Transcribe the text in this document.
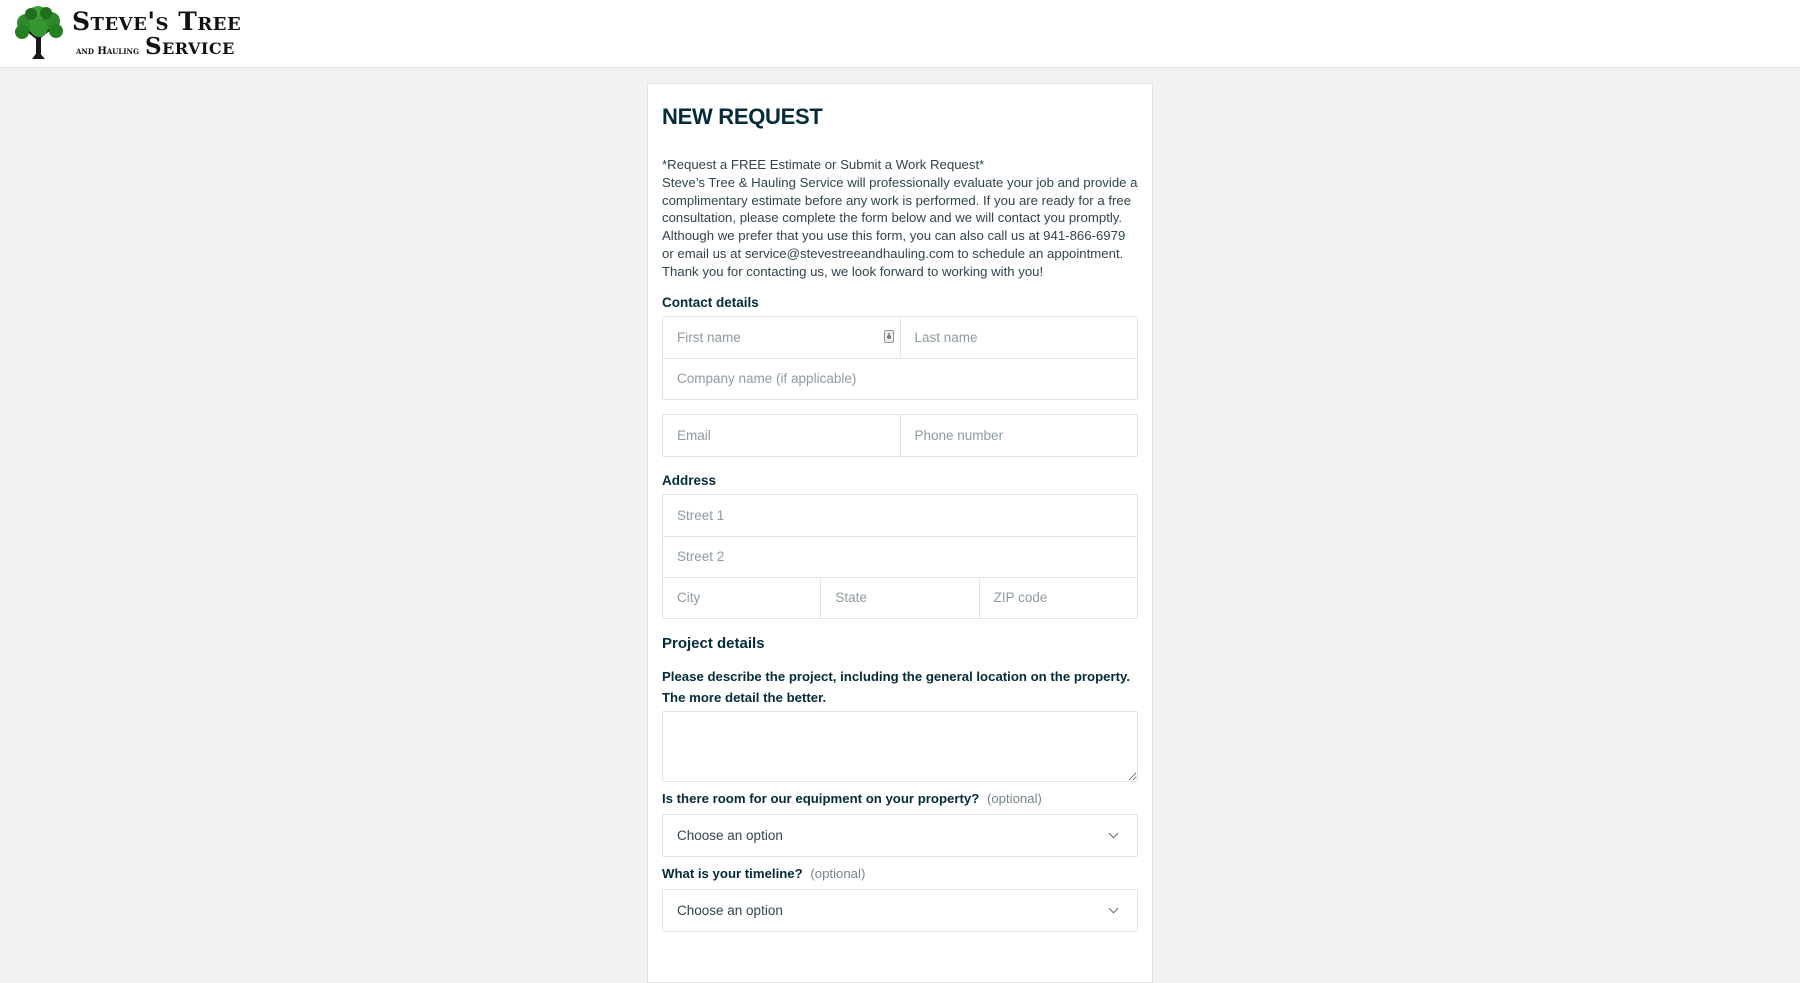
Steve's Tree
and Hauling Service
NEW REQUEST
*Request a FREE Estimate or Submit a Work Request*
Steve’s Tree & Hauling Service will professionally evaluate your job and provide a complimentary estimate before any work is performed. If you are ready for a free consultation, please complete the form below and we will contact you promptly.
Although we prefer that you use this form, you can also call us at 941-866-6979 or email us at service@stevestreeandhauling.com to schedule an appointment.
Thank you for contacting us, we look forward to working with you!
Contact details
First name
Last name
Company name (if applicable)
Email
Phone number
Address
Street 1
Street 2
City
State
ZIP code
Project details
Please describe the project, including the general location on the property.
The more detail the better.
Is there room for our equipment on your property? (optional)
Choose an option
What is your timeline? (optional)
Choose an option
